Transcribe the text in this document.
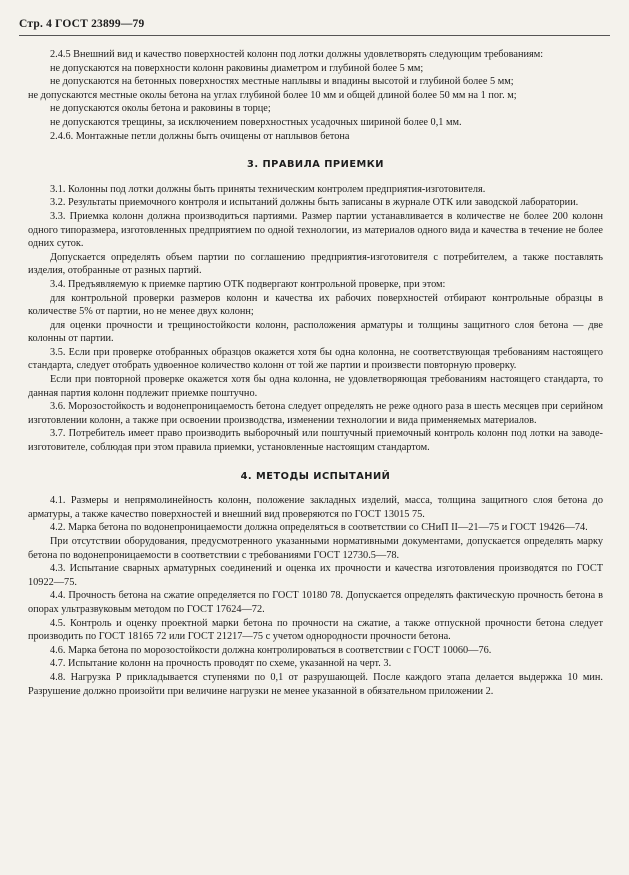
Стр. 4 ГОСТ 23899—79

2.4.5 Внешний вид и качество поверхностей колонн под лотки должны удовлетворять следующим требованиям:

не допускаются на поверхности колонн раковины диаметром и глубиной более 5 мм;

не допускаются на бетонных поверхностях местные наплывы и впадины высотой и глубиной более 5 мм;

не допускаются местные околы бетона на углах глубиной более 10 мм и общей длиной более 50 мм на 1 пог. м;

не допускаются околы бетона и раковины в торце;

не допускаются трещины, за исключением поверхностных усадочных шириной более 0,1 мм.

2.4.6. Монтажные петли должны быть очищены от наплывов бетона

3. ПРАВИЛА ПРИЕМКИ

3.1. Колонны под лотки должны быть приняты техническим контролем предприятия-изготовителя.

3.2. Результаты приемочного контроля и испытаний должны быть записаны в журнале ОТК или заводской лаборатории.

3.3. Приемка колонн должна производиться партиями. Размер партии устанавливается в количестве не более 200 колонн одного типоразмера, изготовленных предприятием по одной технологии, из материалов одного вида и качества в течение не более одних суток.

Допускается определять объем партии по соглашению предприятия-изготовителя с потребителем, а также поставлять изделия, отобранные от разных партий.

3.4. Предъявляемую к приемке партию ОТК подвергают контрольной проверке, при этом:

для контрольной проверки размеров колонн и качества их рабочих поверхностей отбирают контрольные образцы в количестве 5% от партии, но не менее двух колонн;

для оценки прочности и трещиностойкости колонн, расположения арматуры и толщины защитного слоя бетона — две колонны от партии.

3.5. Если при проверке отобранных образцов окажется хотя бы одна колонна, не соответствующая требованиям настоящего стандарта, следует отобрать удвоенное количество колонн от той же партии и произвести повторную проверку.

Если при повторной проверке окажется хотя бы одна колонна, не удовлетворяющая требованиям настоящего стандарта, то данная партия колонн подлежит приемке поштучно.

3.6. Морозостойкость и водонепроницаемость бетона следует определять не реже одного раза в шесть месяцев при серийном изготовлении колонн, а также при освоении производства, изменении технологии и вида применяемых материалов.

3.7. Потребитель имеет право производить выборочный или поштучный приемочный контроль колонн под лотки на заводе-изготовителе, соблюдая при этом правила приемки, установленные настоящим стандартом.

4. МЕТОДЫ ИСПЫТАНИЙ

4.1. Размеры и непрямолинейность колонн, положение закладных изделий, масса, толщина защитного слоя бетона до арматуры, а также качество поверхностей и внешний вид проверяются по ГОСТ 13015 75.

4.2. Марка бетона по водонепроницаемости должна определяться в соответствии со СНиП II—21—75 и ГОСТ 19426—74.

При отсутствии оборудования, предусмотренного указанными нормативными документами, допускается определять марку бетона по водонепроницаемости в соответствии с требованиями ГОСТ 12730.5—78.

4.3. Испытание сварных арматурных соединений и оценка их прочности и качества изготовления производятся по ГОСТ 10922—75.

4.4. Прочность бетона на сжатие определяется по ГОСТ 10180 78. Допускается определять фактическую прочность бетона в опорах ультразвуковым методом по ГОСТ 17624—72.

4.5. Контроль и оценку проектной марки бетона по прочности на сжатие, а также отпускной прочности бетона следует производить по ГОСТ 18165 72 или ГОСТ 21217—75 с учетом однородности прочности бетона.

4.6. Марка бетона по морозостойкости должна контролироваться в соответствии с ГОСТ 10060—76.

4.7. Испытание колонн на прочность проводят по схеме, указанной на черт. 3.

4.8. Нагрузка Р прикладывается ступенями по 0,1 от разрушающей. После каждого этапа делается выдержка 10 мин. Разрушение должно произойти при величине нагрузки не менее указанной в обязательном приложении 2.
